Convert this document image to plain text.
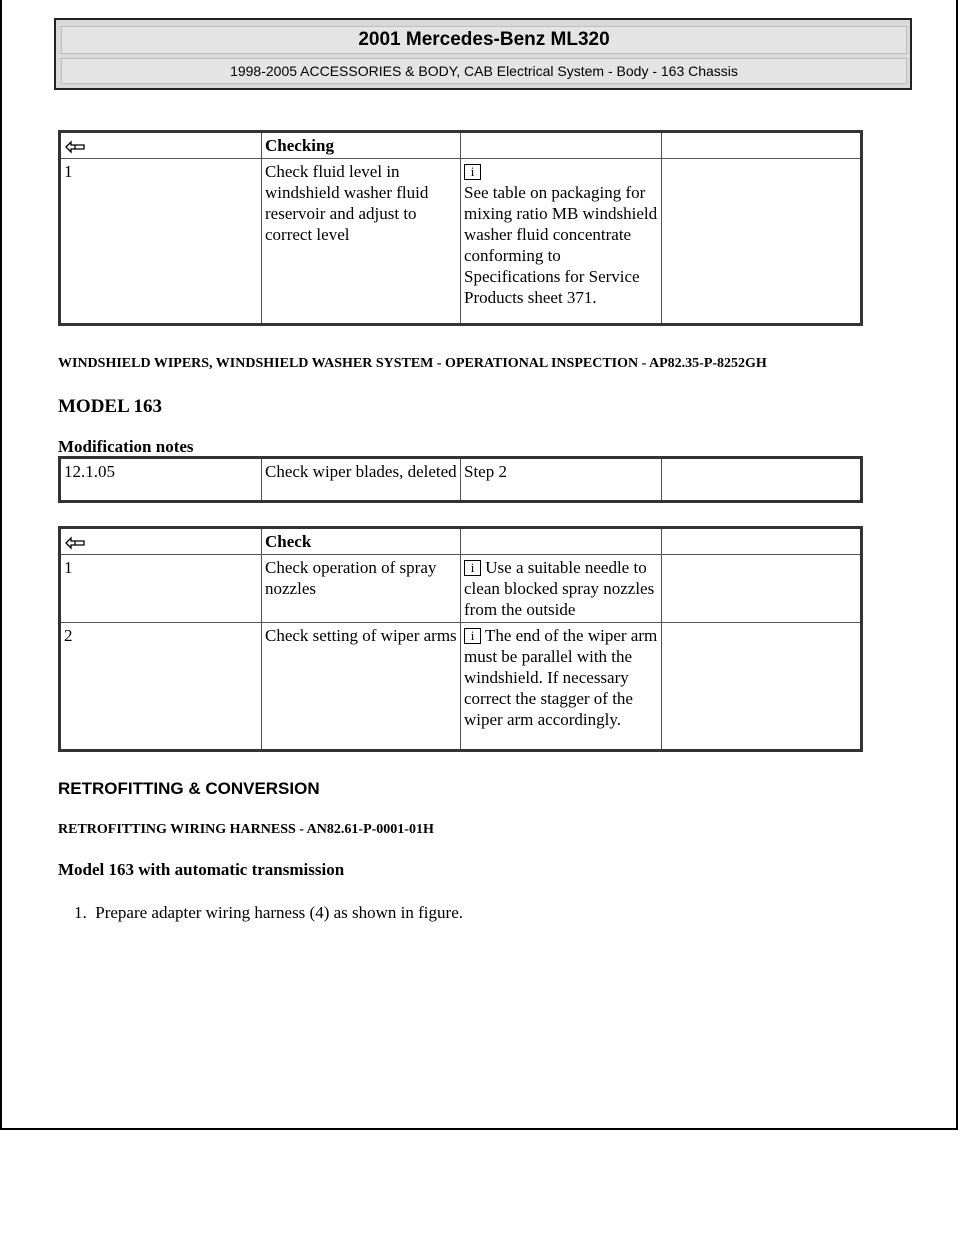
2001 Mercedes-Benz ML320
1998-2005 ACCESSORIES & BODY, CAB Electrical System - Body - 163 Chassis
	Checking		
1	Check fluid level in windshield washer fluid reservoir and adjust to correct level	i
See table on packaging for mixing ratio MB windshield washer fluid concentrate conforming to Specifications for Service Products sheet 371.	
WINDSHIELD WIPERS, WINDSHIELD WASHER SYSTEM - OPERATIONAL INSPECTION - AP82.35-P-8252GH
MODEL 163
Modification notes
12.1.05	Check wiper blades, deleted	Step 2	
	Check		
1	Check operation of spray nozzles	i Use a suitable needle to clean blocked spray nozzles from the outside	
2	Check setting of wiper arms	i The end of the wiper arm must be parallel with the windshield. If necessary correct the stagger of the wiper arm accordingly.	
RETROFITTING & CONVERSION
RETROFITTING WIRING HARNESS - AN82.61-P-0001-01H
Model 163 with automatic transmission
1. Prepare adapter wiring harness (4) as shown in figure.
